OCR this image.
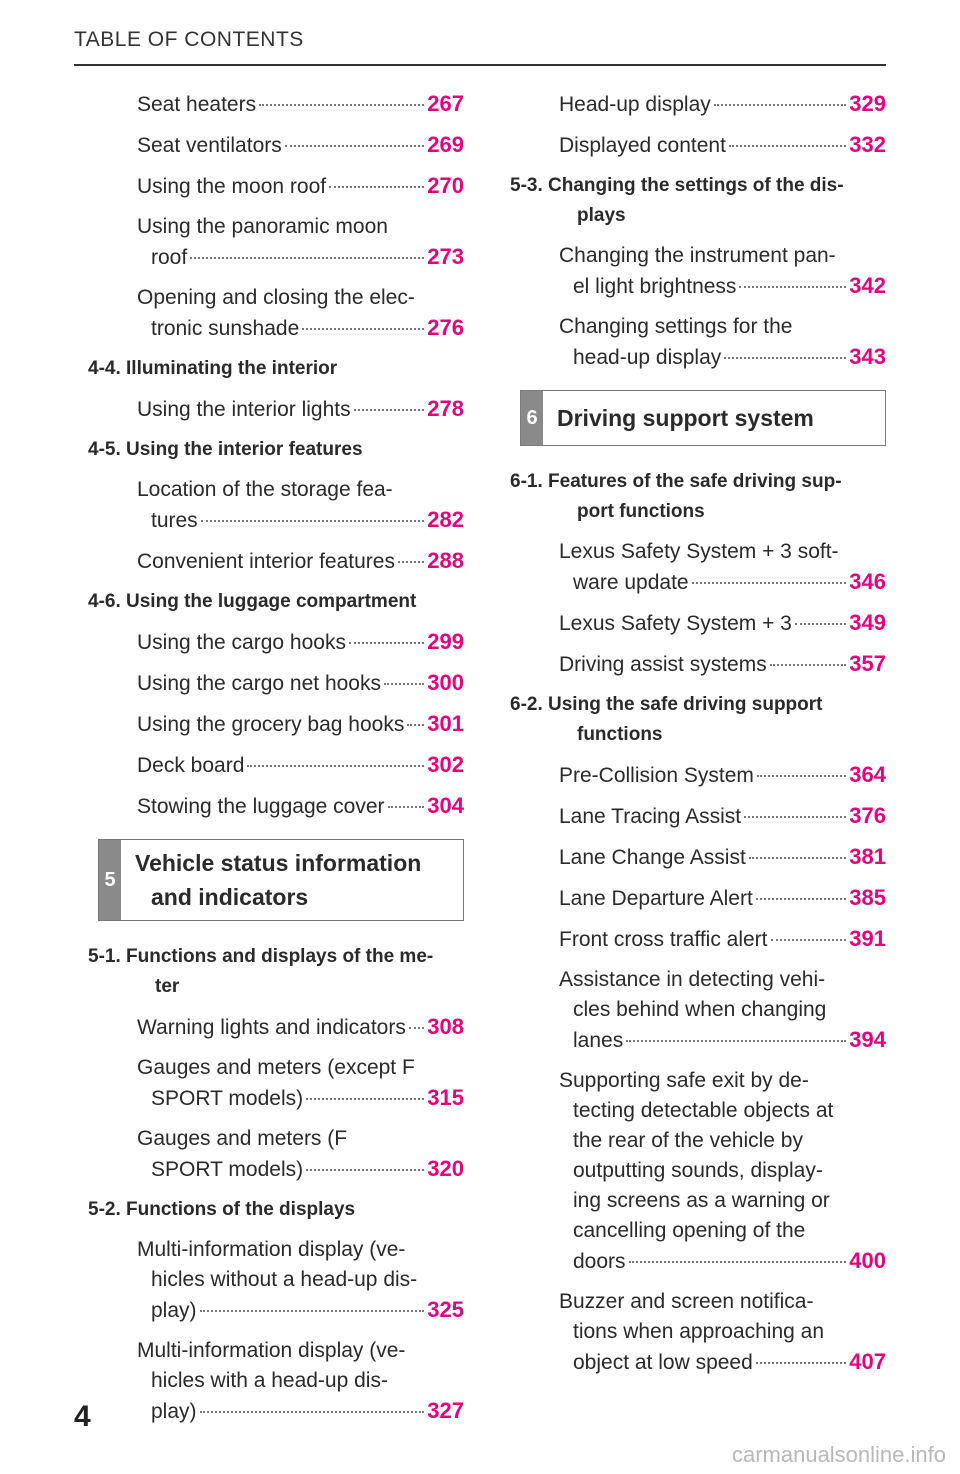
TABLE OF CONTENTS
Seat heaters	267
Seat ventilators	269
Using the moon roof	270
Using the panoramic moon
roof	273
Opening and closing the elec-
tronic sunshade	276
4-4. Illuminating the interior
Using the interior lights	278
4-5. Using the interior features
Location of the storage fea-
tures	282
Convenient interior features 288
4-6. Using the luggage compartment
Using the cargo hooks	299
Using the cargo net hooks 300
Using the grocery bag hooks 301
Deck board	302
Stowing the luggage cover 304
5
Vehicle status information
and indicators
5-1. Functions and displays of the me-
ter
Warning lights and indicators 308
Gauges and meters (except F
SPORT models)	315
Gauges and meters (F
SPORT models)	320
5-2. Functions of the displays
Multi-information display (ve-
hicles without a head-up dis-
play)	325
Multi-information display (ve-
hicles with a head-up dis-
play)	327
Head-up display	329
Displayed content	332
5-3. Changing the settings of the dis-
plays
Changing the instrument pan-
el light brightness	342
Changing settings for the
head-up display	343
6 Driving support system
6-1. Features of the safe driving sup-
port functions
Lexus Safety System + 3 soft-
ware update	346
Lexus Safety System + 3	349
Driving assist systems	357
6-2. Using the safe driving support
functions
Pre-Collision System	364
Lane Tracing Assist	376
Lane Change Assist	381
Lane Departure Alert	385
Front cross traffic alert	391
Assistance in detecting vehi-
cles behind when changing
lanes	394
Supporting safe exit by de-
tecting detectable objects at
the rear of the vehicle by
outputting sounds, display-
ing screens as a warning or
cancelling opening of the
doors	400
Buzzer and screen notifica-
tions when approaching an
object at low speed	407
4
carmanualsonline.info
